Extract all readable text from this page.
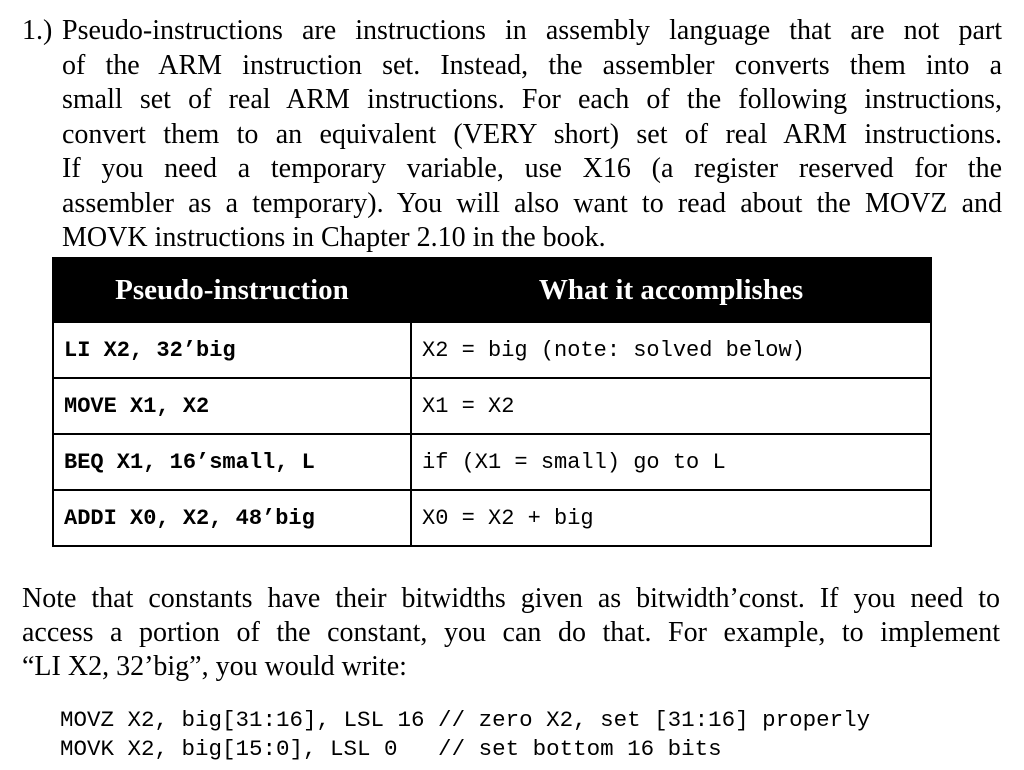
1.) Pseudo-instructions are instructions in assembly language that are not part
of the ARM instruction set. Instead, the assembler converts them into a
small set of real ARM instructions. For each of the following instructions,
convert them to an equivalent (VERY short) set of real ARM instructions.
If you need a temporary variable, use X16 (a register reserved for the
assembler as a temporary). You will also want to read about the MOVZ and
MOVK instructions in Chapter 2.10 in the book.
Pseudo-instruction	What it accomplishes
LI X2, 32’big	X2 = big (note: solved below)
MOVE X1, X2	X1 = X2
BEQ X1, 16’small, L	if (X1 = small) go to L
ADDI X0, X2, 48’big	X0 = X2 + big
Note that constants have their bitwidths given as bitwidth’const. If you need to
access a portion of the constant, you can do that. For example, to implement
“LI X2, 32’big”, you would write:
MOVZ X2, big[31:16], LSL 16 // zero X2, set [31:16] properly
MOVK X2, big[15:0], LSL 0   // set bottom 16 bits
